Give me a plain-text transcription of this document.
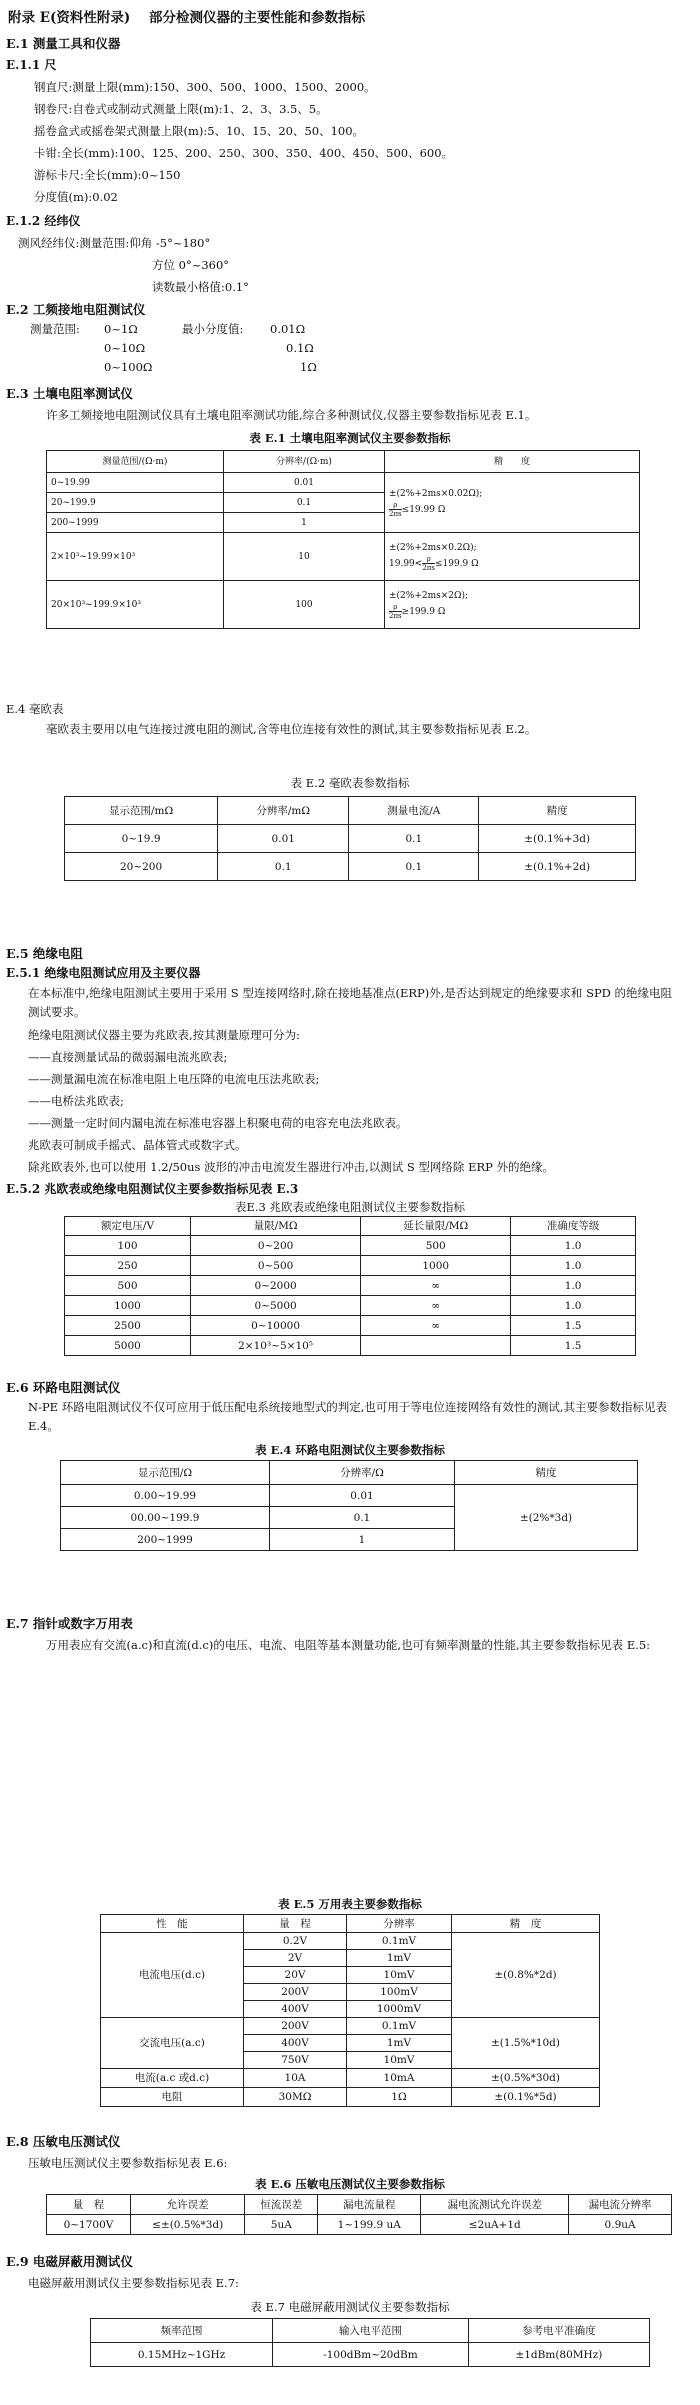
附录 E(资料性附录) 部分检测仪器的主要性能和参数指标
E.1 测量工具和仪器
E.1.1 尺
钢直尺:测量上限(mm):150、300、500、1000、1500、2000。
钢卷尺:自卷式或制动式测量上限(m):1、2、3、3.5、5。
摇卷盒式或摇卷架式测量上限(m):5、10、15、20、50、100。
卡钳:全长(mm):100、125、200、250、300、350、400、450、500、600。
游标卡尺:全长(mm):0~150
分度值(m):0.02
E.1.2 经纬仪
测风经纬仪:测量范围:仰角 -5°~180°
方位 0°~360°
读数最小格值:0.1°
E.2 工频接地电阻测试仪
测量范围: 0~1Ω	最小分度值: 0.01Ω
0~10Ω	0.1Ω
0~100Ω	1Ω
E.3 土壤电阻率测试仪
许多工频接地电阻测试仪具有土壤电阻率测试功能,综合多种测试仪,仪器主要参数指标见表 E.1。
表 E.1 土壤电阻率测试仪主要参数指标
测量范围/(Ω·m)	分辨率/(Ω·m)	精　　度
0~19.99	0.01	±(2%+2ms×0.02Ω);
$\frac{\rho}{2\pi s} \le 19.99$ Ω

20~199.9	0.1	
200~1999	1	
2×10³~19.99×10³	10	±(2%+2ms×0.2Ω);
$19.99< \frac{\rho}{2\pi s} \le 199.9$ Ω

20×10³~199.9×10³	100	±(2%+2ms×2Ω);
$\frac{\rho}{2\pi s} \ge 199.9$ Ω
E.4 毫欧表
毫欧表主要用以电气连接过渡电阻的测试,含等电位连接有效性的测试,其主要参数指标见表 E.2。
表 E.2 毫欧表参数指标
显示范围/mΩ	分辨率/mΩ	测量电流/A	精度
0~19.9	0.01	0.1	±(0.1%+3d)
20~200	0.1	0.1	±(0.1%+2d)
E.5 绝缘电阻
E.5.1 绝缘电阻测试应用及主要仪器
在本标准中,绝缘电阻测试主要用于采用 S 型连接网络时,除在接地基准点(ERP)外,是否达到规定的绝缘要求和 SPD 的绝缘电阻测试要求。
绝缘电阻测试仪器主要为兆欧表,按其测量原理可分为:
——直接测量试品的微弱漏电流兆欧表;
——测量漏电流在标准电阻上电压降的电流电压法兆欧表;
——电桥法兆欧表;
——测量一定时间内漏电流在标准电容器上积聚电荷的电容充电法兆欧表。
兆欧表可制成手摇式、晶体管式或数字式。
除兆欧表外,也可以使用 1.2/50us 波形的冲击电流发生器进行冲击,以测试 S 型网络除 ERP 外的绝缘。
E.5.2 兆欧表或绝缘电阻测试仪主要参数指标见表 E.3
表E.3 兆欧表或绝缘电阻测试仪主要参数指标
额定电压/V	量限/MΩ	延长量限/MΩ	准确度等级
100	0~200	500	1.0
250	0~500	1000	1.0
500	0~2000	∞	1.0
1000	0~5000	∞	1.0
2500	0~10000	∞	1.5
5000	2×10³~5×10⁵		1.5
E.6 环路电阻测试仪
N-PE 环路电阻测试仪不仅可应用于低压配电系统接地型式的判定,也可用于等电位连接网络有效性的测试,其主要参数指标见表 E.4。
表 E.4 环路电阻测试仪主要参数指标
显示范围/Ω	分辨率/Ω	精度
0.00~19.99	0.01	±(2%*3d)
00.00~199.9	0.1	
200~1999	1	
E.7 指针或数字万用表
万用表应有交流(a.c)和直流(d.c)的电压、电流、电阻等基本测量功能,也可有频率测量的性能,其主要参数指标见表 E.5:
表 E.5 万用表主要参数指标
性　能	量　程	分辨率	精　度
电流电压(d.c)	0.2V	0.1mV	±(0.8%*2d)
	2V	1mV	
	20V	10mV	
	200V	100mV	
	400V	1000mV	
交流电压(a.c)	200V	0.1mV	±(1.5%*10d)
	400V	1mV	
	750V	10mV	
电流(a.c 或d.c)	10A	10mA	±(0.5%*30d)
电阻	30MΩ	1Ω	±(0.1%*5d)
E.8 压敏电压测试仪
压敏电压测试仪主要参数指标见表 E.6:
表 E.6 压敏电压测试仪主要参数指标
量　程	允许误差	恒流误差	漏电流量程	漏电流测试允许误差	漏电流分辨率
0~1700V	≤±(0.5%*3d)	5uA	1~199.9 uA	≤2uA+1d	0.9uA
E.9 电磁屏蔽用测试仪
电磁屏蔽用测试仪主要参数指标见表 E.7:
表 E.7 电磁屏蔽用测试仪主要参数指标
频率范围	输入电平范围	参考电平准确度
0.15MHz~1GHz	-100dBm~20dBm	±1dBm(80MHz)
